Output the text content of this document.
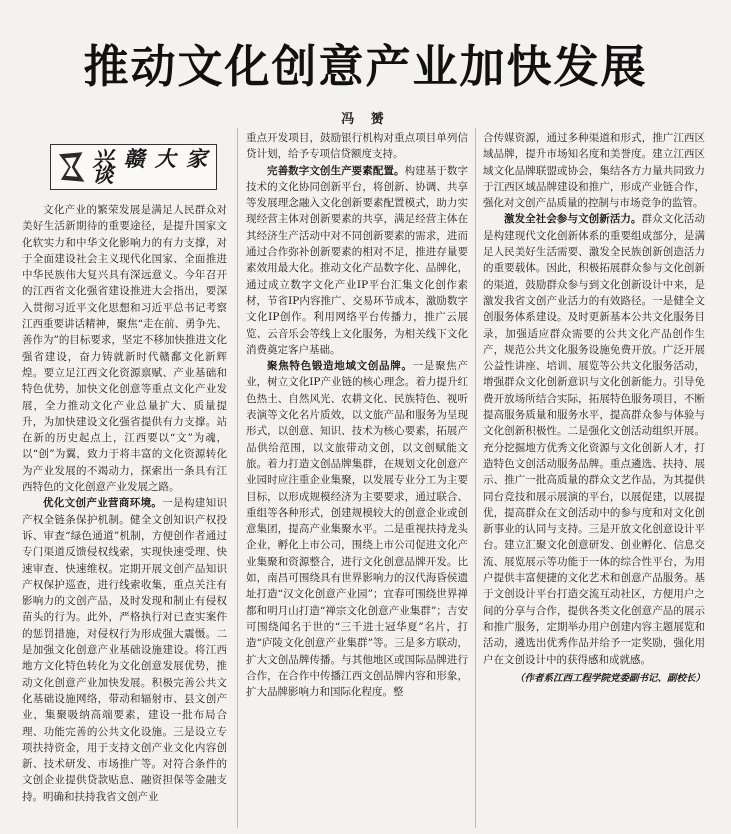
推动文化创意产业加快发展
冯 赟
兴赣大家谈

文化产业的繁荣发展是满足人民群众对美好生活新期待的重要途径，是提升国家文化软实力和中华文化影响力的有力支撑，对于全面建设社会主义现代化国家、全面推进中华民族伟大复兴具有深远意义。今年召开的江西省文化强省建设推进大会指出，要深入贯彻习近平文化思想和习近平总书记考察江西重要讲话精神，聚焦“走在前、勇争先、善作为”的目标要求，坚定不移加快推进文化强省建设，奋力铸就新时代赣鄱文化新辉煌。要立足江西文化资源禀赋、产业基础和特色优势，加快文化创意等重点文化产业发展，全力推动文化产业总量扩大、质量提升，为加快建设文化强省提供有力支撑。站在新的历史起点上，江西要以“文”为魂，以“创”为翼，致力于将丰富的文化资源转化为产业发展的不竭动力，探索出一条具有江西特色的文化创意产业发展之路。

优化文创产业营商环境。一是构建知识产权全链条保护机制。健全文创知识产权投诉、审查“绿色通道”机制，方便创作者通过专门渠道反馈侵权线索，实现快速受理、快速审查、快速维权。定期开展文创产品知识产权保护巡查，进行线索收集，重点关注有影响力的文创产品，及时发现和制止有侵权苗头的行为。此外，严格执行对已查实案件的惩罚措施，对侵权行为形成强大震慑。二是加强文化创意产业基础设施建设。将江西地方文化特色转化为文化创意发展优势，推动文化创意产业加快发展。积极完善公共文化基础设施网络，带动和辐射市、县文创产业，集聚吸纳高端要素，建设一批布局合理、功能完善的公共文化设施。三是设立专项扶持资金，用于支持文创产业文化内容创新、技术研发、市场推广等。对符合条件的文创企业提供贷款贴息、融资担保等金融支持。明确和扶持我省文创产业

重点开发项目，鼓励银行机构对重点项目单列信贷计划，给予专项信贷额度支持。

完善数字文创生产要素配置。构建基于数字技术的文化协同创新平台，将创新、协调、共享等发展理念融入文化创新要素配置模式，助力实现经营主体对创新要素的共享，满足经营主体在其经济生产活动中对不同创新要素的需求，进而通过合作弥补创新要素的相对不足，推进存量要素效用最大化。推动文化产品数字化、品牌化，通过成立数字文化产业IP平台汇集文化创作素材，节省IP内容推广、交易环节成本，激励数字文化IP创作。利用网络平台传播力，推广云展览、云音乐会等线上文化服务，为相关线下文化消费奠定客户基础。

聚焦特色锻造地域文创品牌。一是聚焦产业，树立文化IP产业链的核心理念。着力提升红色热土、自然风光、农耕文化、民族特色、视听表演等文化名片质效，以文旅产品和服务为呈现形式，以创意、知识、技术为核心要素，拓展产品供给范围，以文旅带动文创，以文创赋能文旅。着力打造文创品牌集群，在规划文化创意产业园时应注重企业集聚，以发展专业分工为主要目标，以形成规模经济为主要要求，通过联合、重组等各种形式，创建规模较大的创意企业或创意集团，提高产业集聚水平。二是重视扶持龙头企业，孵化上市公司，围绕上市公司促进文化产业集聚和资源整合，进行文化创意品牌开发。比如，南昌可围绕具有世界影响力的汉代海昏侯遗址打造“汉文化创意产业园”；宜春可围绕世界禅都和明月山打造“禅宗文化创意产业集群”；吉安可围绕闻名于世的“三千进士冠华夏”名片，打造“庐陵文化创意产业集群”等。三是多方联动，扩大文创品牌传播。与其他地区或国际品牌进行合作，在合作中传播江西文创品牌内容和形象，扩大品牌影响力和国际化程度。整

合传媒资源，通过多种渠道和形式，推广江西区域品牌，提升市场知名度和美誉度。建立江西区域文化品牌联盟或协会，集结各方力量共同致力于江西区域品牌建设和推广，形成产业链合作，强化对文创产品质量的控制与市场竞争的监管。

激发全社会参与文创新活力。群众文化活动是构建现代文化创新体系的重要组成部分，是满足人民美好生活需要、激发全民族创新创造活力的重要载体。因此，积极拓展群众参与文化创新的渠道，鼓励群众参与到文化创新设计中来，是激发我省文创产业活力的有效路径。一是健全文创服务体系建设。及时更新基本公共文化服务目录，加强适应群众需要的公共文化产品创作生产，规范公共文化服务设施免费开放。广泛开展公益性讲座、培训、展览等公共文化服务活动，增强群众文化创新意识与文化创新能力。引导免费开放场所结合实际，拓展特色服务项目，不断提高服务质量和服务水平，提高群众参与体验与文化创新积极性。二是强化文创活动组织开展。充分挖掘地方优秀文化资源与文化创新人才，打造特色文创活动服务品牌。重点遴选、扶持、展示、推广一批高质量的群众文艺作品，为其提供同台竞技和展示展演的平台，以展促建，以展提优，提高群众在文创活动中的参与度和对文化创新事业的认同与支持。三是开放文化创意设计平台。建立汇聚文化创意研发、创业孵化、信息交流、展览展示等功能于一体的综合性平台，为用户提供丰富便捷的文化艺术和创意产品服务。基于文创设计平台打造交流互动社区，方便用户之间的分享与合作，提供各类文化创意产品的展示和推广服务，定期举办用户创建内容主题展览和活动，遴选出优秀作品并给予一定奖励，强化用户在文创设计中的获得感和成就感。

（作者系江西工程学院党委副书记、副校长）
